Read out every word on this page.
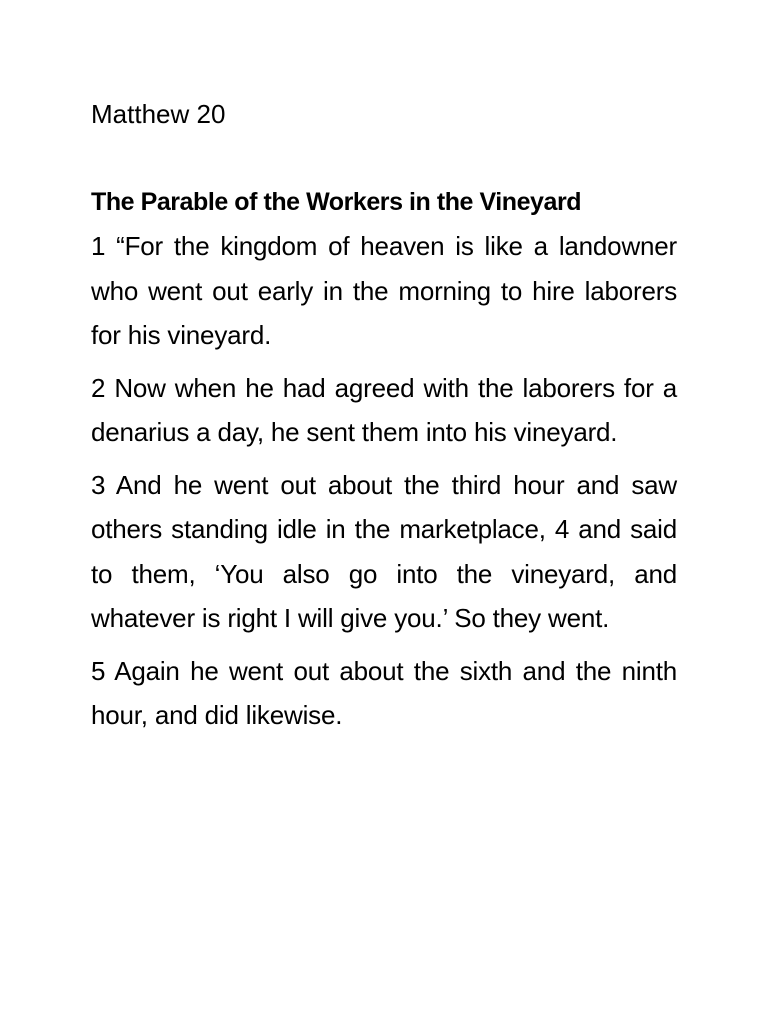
Matthew 20

The Parable of the Workers in the Vineyard

1 “For the kingdom of heaven is like a landowner who went out early in the morning to hire laborers for his vineyard.

2 Now when he had agreed with the laborers for a denarius a day, he sent them into his vineyard.

3 And he went out about the third hour and saw others standing idle in the marketplace, 4 and said to them, ‘You also go into the vineyard, and whatever is right I will give you.’ So they went.

5 Again he went out about the sixth and the ninth hour, and did likewise.
